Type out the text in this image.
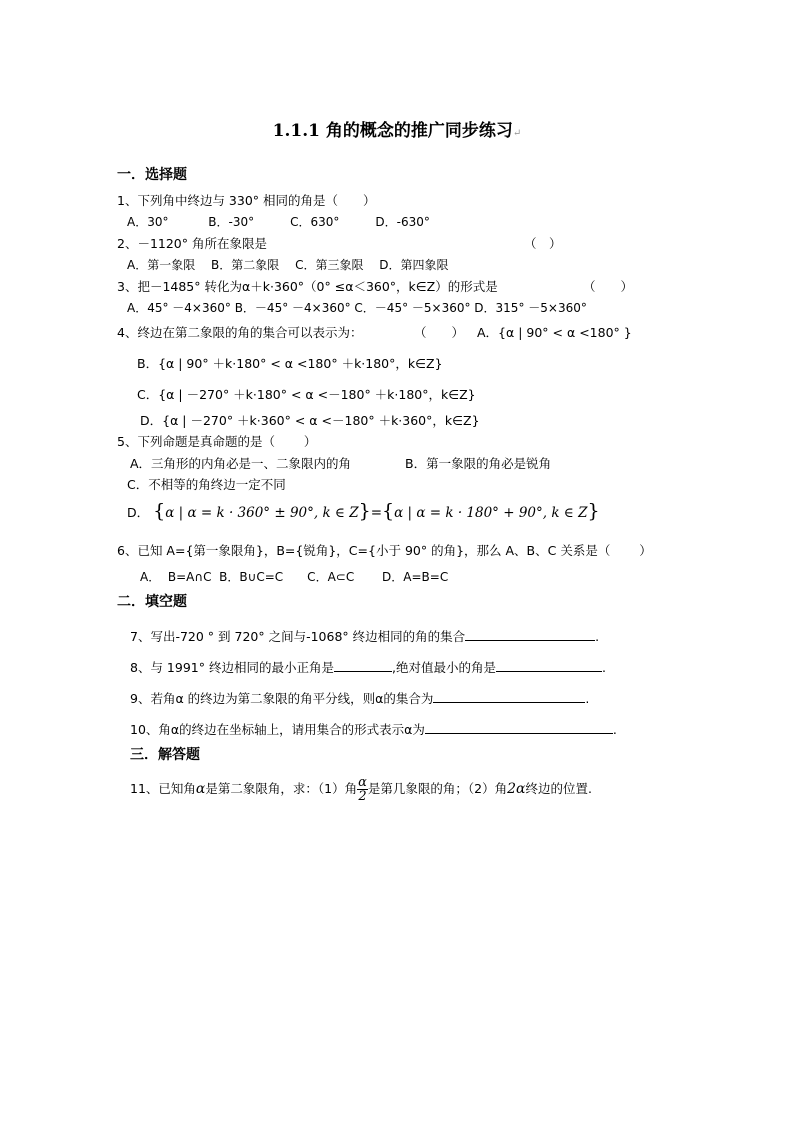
1.1.1 角的概念的推广同步练习↵
一．选择题
1、下列角中终边与 330° 相同的角是（　　）
A．30°　　　 B．-30°　　　C．630°　　　D．-630°
2、－1120° 角所在象限是	（　）
A．第一象限　 B．第二象限　 C．第三象限　 D．第四象限
3、把－1485° 转化为α＋k·360°（0° ≤α＜360°，k∈Z）的形式是	（　　）
A．45° －4×360° B．－45° －4×360° C．－45° －5×360° D．315° －5×360°
4、终边在第二象限的角的集合可以表示为：	（　　） A．{α | 90° < α <180° }
B．{α | 90° ＋k·180° < α <180° ＋k·180°，k∈Z}
C．{α | －270° ＋k·180° < α <－180° ＋k·180°，k∈Z}
D．{α | －270° ＋k·360° < α <－180° ＋k·360°，k∈Z}
5、下列命题是真命题的是（　　 ）
A．三角形的内角必是一、二象限内的角	B．第一象限的角必是锐角
C．不相等的角终边一定不同
D． {α | α = k · 360° ± 90°, k ∈ Z}={α | α = k · 180° + 90°, k ∈ Z}
6、已知 A={第一象限角}，B={锐角}，C={小于 90° 的角}，那么 A、B、C 关系是（　　 ）
A．  B=A∩C  B．B∪C=C　　C．A⊂C　　 D．A=B=C
二．填空题
7、写出-720 ° 到 720° 之间与-1068° 终边相同的角的集合	.
8、与 1991° 终边相同的最小正角是	,绝对值最小的角是	.
9、若角α 的终边为第二象限的角平分线，则α的集合为	.
10、角α的终边在坐标轴上，请用集合的形式表示α为	.
三．解答题
11、已知角α是第二象限角，求：（1）角 $\frac{\alpha}{2}$ 是第几象限的角；（2）角2α终边的位置.
